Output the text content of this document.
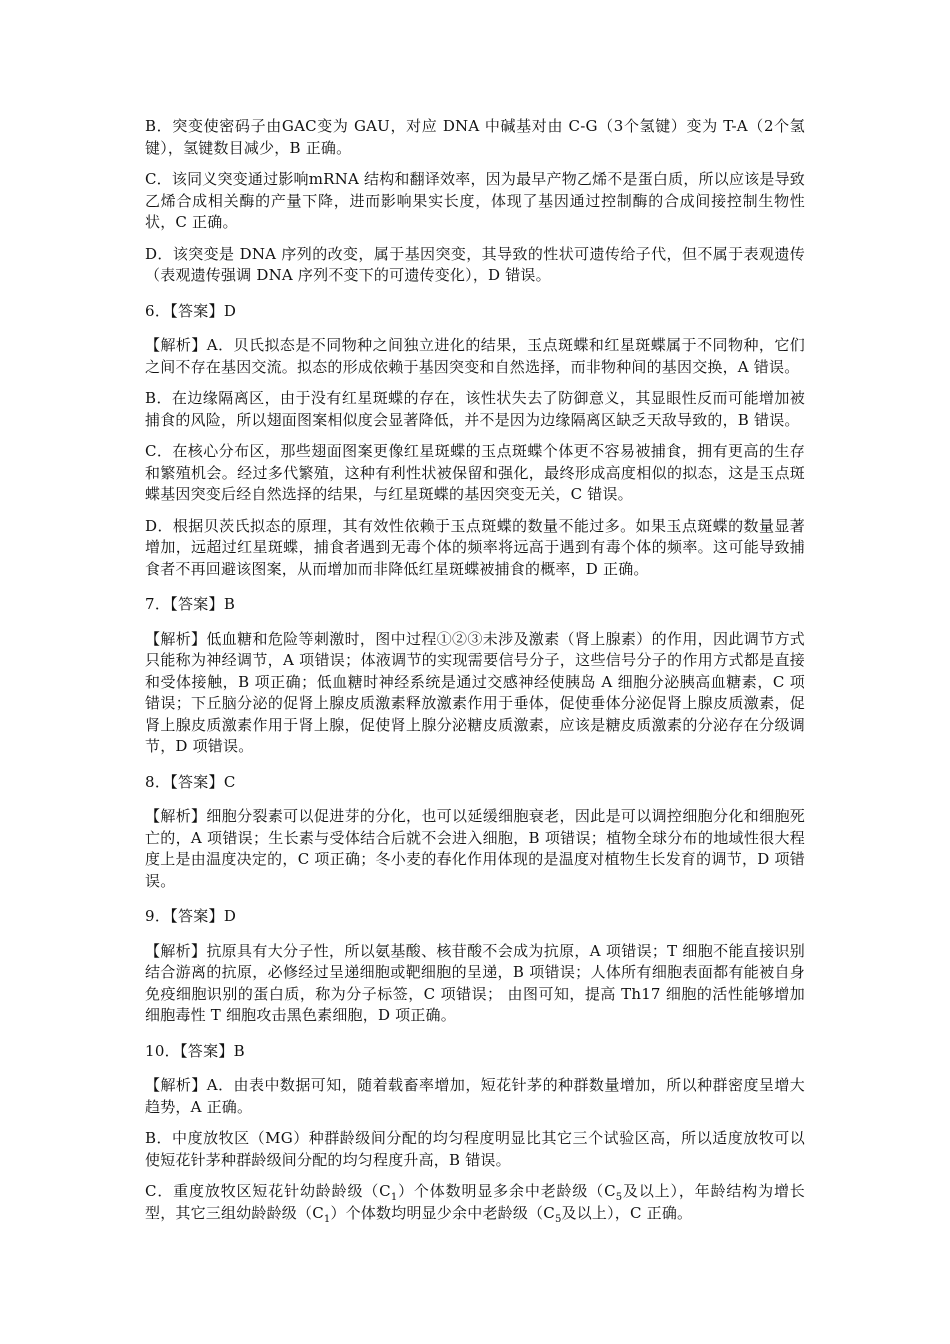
B．突变使密码子由GAC变为 GAU，对应 DNA 中碱基对由 C-G（3个氢键）变为 T-A（2个氢键），氢键数目减少，B 正确。

C．该同义突变通过影响mRNA 结构和翻译效率，因为最早产物乙烯不是蛋白质，所以应该是导致乙烯合成相关酶的产量下降，进而影响果实长度，体现了基因通过控制酶的合成间接控制生物性状，C 正确。

D．该突变是 DNA 序列的改变，属于基因突变，其导致的性状可遗传给子代，但不属于表观遗传（表观遗传强调 DNA 序列不变下的可遗传变化），D 错误。

6．【答案】D

【解析】A．贝氏拟态是不同物种之间独立进化的结果，玉点斑蝶和红星斑蝶属于不同物种，它们之间不存在基因交流。拟态的形成依赖于基因突变和自然选择，而非物种间的基因交换，A 错误。

B．在边缘隔离区，由于没有红星斑蝶的存在，该性状失去了防御意义，其显眼性反而可能增加被捕食的风险，所以翅面图案相似度会显著降低，并不是因为边缘隔离区缺乏天敌导致的，B 错误。

C．在核心分布区，那些翅面图案更像红星斑蝶的玉点斑蝶个体更不容易被捕食，拥有更高的生存和繁殖机会。经过多代繁殖，这种有利性状被保留和强化，最终形成高度相似的拟态，这是玉点斑蝶基因突变后经自然选择的结果，与红星斑蝶的基因突变无关，C 错误。

D．根据贝茨氏拟态的原理，其有效性依赖于玉点斑蝶的数量不能过多。如果玉点斑蝶的数量显著增加，远超过红星斑蝶，捕食者遇到无毒个体的频率将远高于遇到有毒个体的频率。这可能导致捕食者不再回避该图案，从而增加而非降低红星斑蝶被捕食的概率，D 正确。

7．【答案】B

【解析】低血糖和危险等刺激时，图中过程①②③未涉及激素（肾上腺素）的作用，因此调节方式只能称为神经调节，A 项错误；体液调节的实现需要信号分子，这些信号分子的作用方式都是直接和受体接触，B 项正确；低血糖时神经系统是通过交感神经使胰岛 A 细胞分泌胰高血糖素，C 项错误；下丘脑分泌的促肾上腺皮质激素释放激素作用于垂体，促使垂体分泌促肾上腺皮质激素，促肾上腺皮质激素作用于肾上腺，促使肾上腺分泌糖皮质激素，应该是糖皮质激素的分泌存在分级调节，D 项错误。

8．【答案】C

【解析】细胞分裂素可以促进芽的分化，也可以延缓细胞衰老，因此是可以调控细胞分化和细胞死亡的，A 项错误；生长素与受体结合后就不会进入细胞，B 项错误；植物全球分布的地域性很大程度上是由温度决定的，C 项正确；冬小麦的春化作用体现的是温度对植物生长发育的调节，D 项错误。

9．【答案】D

【解析】抗原具有大分子性，所以氨基酸、核苷酸不会成为抗原，A 项错误；T 细胞不能直接识别结合游离的抗原，必修经过呈递细胞或靶细胞的呈递，B 项错误；人体所有细胞表面都有能被自身免疫细胞识别的蛋白质，称为分子标签，C 项错误； 由图可知，提高 Th17 细胞的活性能够增加细胞毒性 T 细胞攻击黑色素细胞，D 项正确。

10．【答案】B

【解析】A．由表中数据可知，随着载畜率增加，短花针茅的种群数量增加，所以种群密度呈增大趋势，A 正确。

B．中度放牧区（MG）种群龄级间分配的均匀程度明显比其它三个试验区高，所以适度放牧可以使短花针茅种群龄级间分配的均匀程度升高，B 错误。

C．重度放牧区短花针幼龄龄级$(C_1)$个体数明显多余中老龄级（$C_5$及以上），年龄结构为增长型，其它三组幼龄龄级$(C_1)$个体数均明显少余中老龄级（$C_5$及以上），C 正确。
